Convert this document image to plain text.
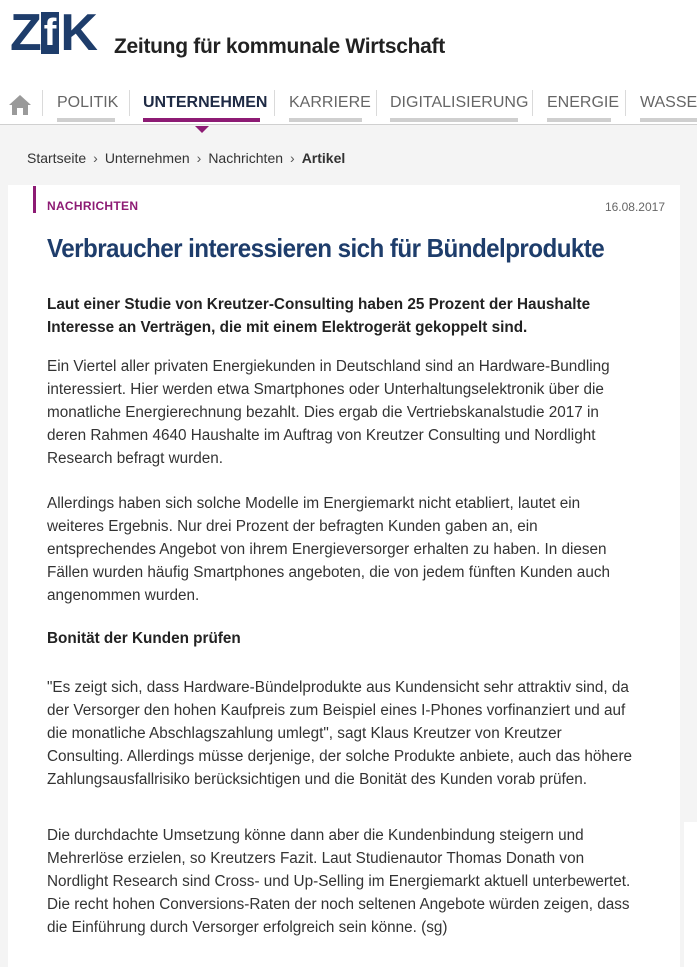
Z f K Zeitung für kommunale Wirtschaft
POLITIK UNTERNEHMEN KARRIERE DIGITALISIERUNG ENERGIE WASSE
Startseite › Unternehmen › Nachrichten › Artikel
NACHRICHTEN	16.08.2017
Verbraucher interessieren sich für Bündelprodukte

Laut einer Studie von Kreutzer-Consulting haben 25 Prozent der Haushalte Interesse an Verträgen, die mit einem Elektrogerät gekoppelt sind.

Ein Viertel aller privaten Energiekunden in Deutschland sind an Hardware-Bundling interessiert. Hier werden etwa Smartphones oder Unterhaltungselektronik über die monatliche Energierechnung bezahlt. Dies ergab die Vertriebskanalstudie 2017 in deren Rahmen 4640 Haushalte im Auftrag von Kreutzer Consulting und Nordlight Research befragt wurden.

Allerdings haben sich solche Modelle im Energiemarkt nicht etabliert, lautet ein weiteres Ergebnis. Nur drei Prozent der befragten Kunden gaben an, ein entsprechendes Angebot von ihrem Energieversorger erhalten zu haben. In diesen Fällen wurden häufig Smartphones angeboten, die von jedem fünften Kunden auch angenommen wurden.

Bonität der Kunden prüfen

"Es zeigt sich, dass Hardware-Bündelprodukte aus Kundensicht sehr attraktiv sind, da der Versorger den hohen Kaufpreis zum Beispiel eines I-Phones vorfinanziert und auf die monatliche Abschlagszahlung umlegt", sagt Klaus Kreutzer von Kreutzer Consulting. Allerdings müsse derjenige, der solche Produkte anbiete, auch das höhere Zahlungsausfallrisiko berücksichtigen und die Bonität des Kunden vorab prüfen.

Die durchdachte Umsetzung könne dann aber die Kundenbindung steigern und Mehrerlöse erzielen, so Kreutzers Fazit. Laut Studienautor Thomas Donath von Nordlight Research sind Cross- und Up-Selling im Energiemarkt aktuell unterbewertet. Die recht hohen Conversions-Raten der noch seltenen Angebote würden zeigen, dass die Einführung durch Versorger erfolgreich sein könne. (sg)
